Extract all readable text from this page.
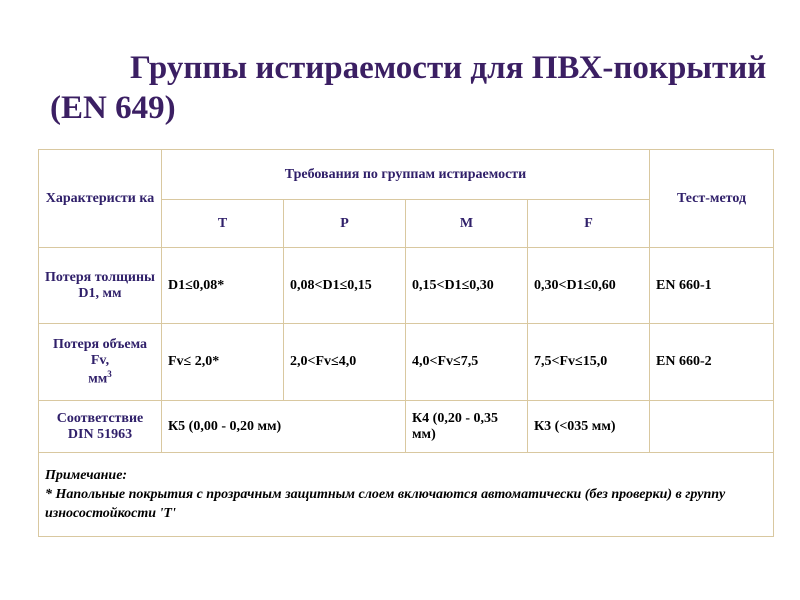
Группы истираемости для ПВХ-покрытий (EN 649)
Характеристи ка	Требования по группам истираемости				Тест-метод
	T	P	M	F	
Потеря толщины D1, мм	D1≤0,08*	0,08<D1≤0,15	0,15<D1≤0,30	0,30<D1≤0,60	EN 660-1
Потеря объема
Fv,
$мм^3$	Fv≤ 2,0*	2,0<Fv≤4,0	4,0<Fv≤7,5	7,5<Fv≤15,0	EN 660-2
Соответствие DIN 51963	К5 (0,00 - 0,20 мм)		К4 (0,20 - 0,35 мм)	К3 (<035 мм)	
Примечание:
* Напольные покрытия с прозрачным защитным слоем включаются автоматически (без проверки) в группу износостойкости 'Т'					
